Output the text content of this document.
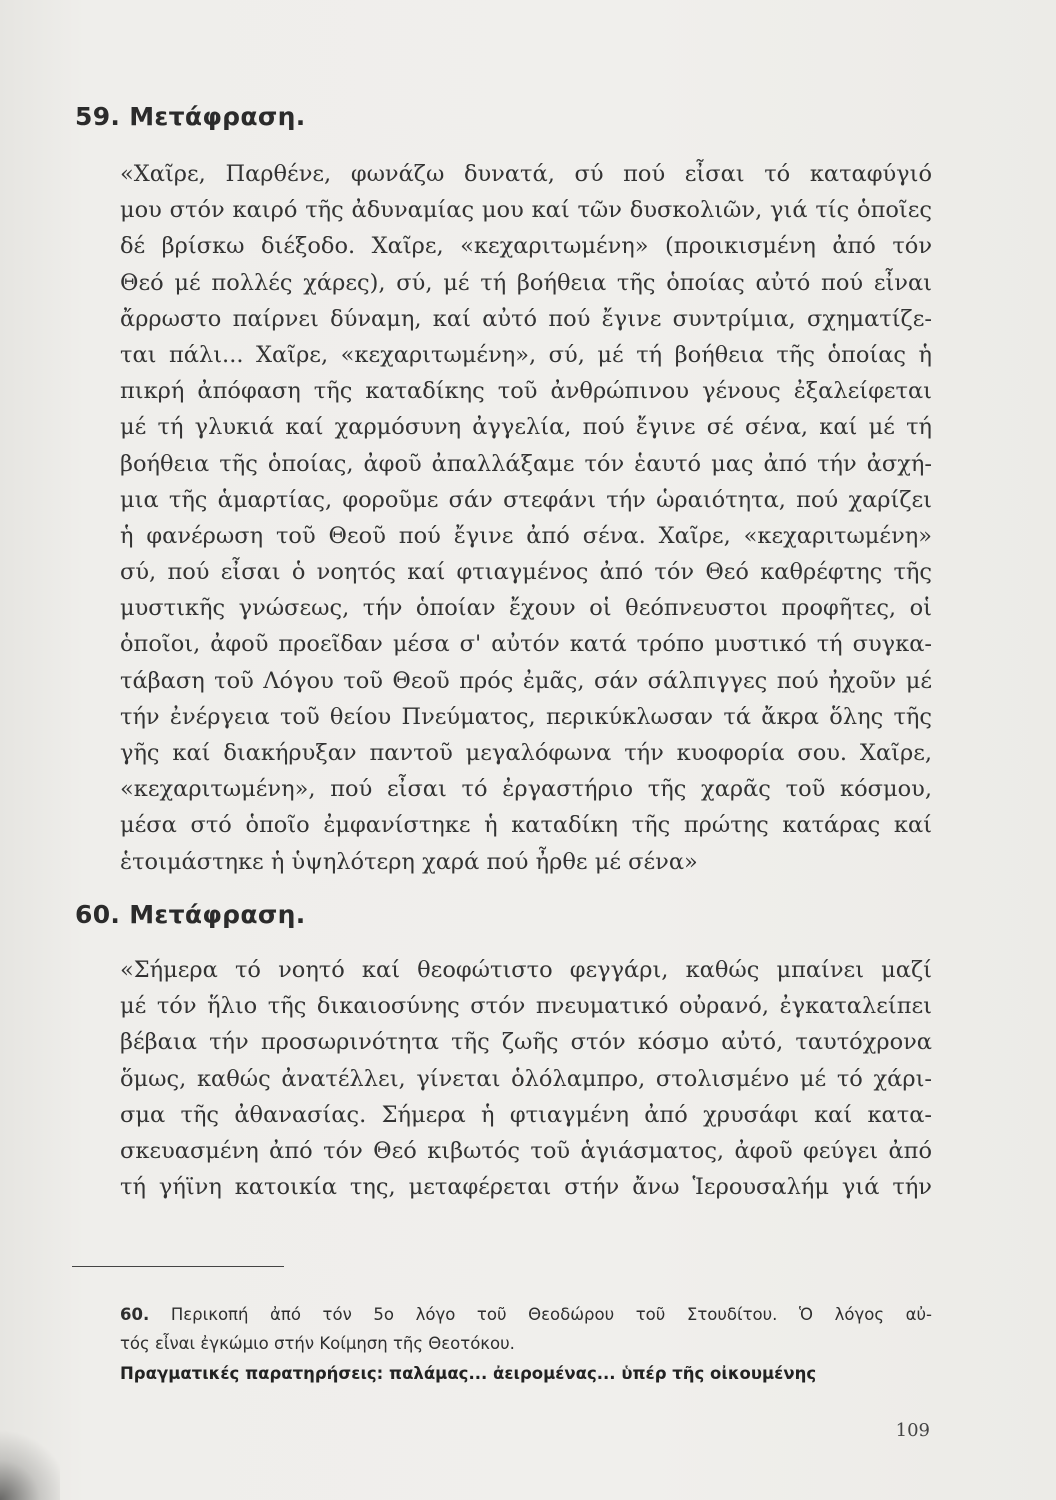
59. Μετάφραση.
«Χαῖρε, Παρθένε, φωνάζω δυνατά, σύ πού εἶσαι τό καταφύγιό
μου στόν καιρό τῆς ἀδυναμίας μου καί τῶν δυσκολιῶν, γιά τίς ὁποῖες
δέ βρίσκω διέξοδο. Χαῖρε, «κεχαριτωμένη» (προικισμένη ἀπό τόν
Θεό μέ πολλές χάρες), σύ, μέ τή βοήθεια τῆς ὁποίας αὐτό πού εἶναι
ἄρρωστο παίρνει δύναμη, καί αὐτό πού ἔγινε συντρίμια, σχηματίζε-
ται πάλι... Χαῖρε, «κεχαριτωμένη», σύ, μέ τή βοήθεια τῆς ὁποίας ἡ
πικρή ἀπόφαση τῆς καταδίκης τοῦ ἀνθρώπινου γένους ἐξαλείφεται
μέ τή γλυκιά καί χαρμόσυνη ἀγγελία, πού ἔγινε σέ σένα, καί μέ τή
βοήθεια τῆς ὁποίας, ἀφοῦ ἀπαλλάξαμε τόν ἑαυτό μας ἀπό τήν ἀσχή-
μια τῆς ἁμαρτίας, φοροῦμε σάν στεφάνι τήν ὡραιότητα, πού χαρίζει
ἡ φανέρωση τοῦ Θεοῦ πού ἔγινε ἀπό σένα. Χαῖρε, «κεχαριτωμένη»
σύ, πού εἶσαι ὁ νοητός καί φτιαγμένος ἀπό τόν Θεό καθρέφτης τῆς
μυστικῆς γνώσεως, τήν ὁποίαν ἔχουν οἱ θεόπνευστοι προφῆτες, οἱ
ὁποῖοι, ἀφοῦ προεῖδαν μέσα σ' αὐτόν κατά τρόπο μυστικό τή συγκα-
τάβαση τοῦ Λόγου τοῦ Θεοῦ πρός ἐμᾶς, σάν σάλπιγγες πού ἠχοῦν μέ
τήν ἐνέργεια τοῦ θείου Πνεύματος, περικύκλωσαν τά ἄκρα ὅλης τῆς
γῆς καί διακήρυξαν παντοῦ μεγαλόφωνα τήν κυοφορία σου. Χαῖρε,
«κεχαριτωμένη», πού εἶσαι τό ἐργαστήριο τῆς χαρᾶς τοῦ κόσμου,
μέσα στό ὁποῖο ἐμφανίστηκε ἡ καταδίκη τῆς πρώτης κατάρας καί
ἑτοιμάστηκε ἡ ὑψηλότερη χαρά πού ἦρθε μέ σένα»
60. Μετάφραση.
«Σήμερα τό νοητό καί θεοφώτιστο φεγγάρι, καθώς μπαίνει μαζί
μέ τόν ἥλιο τῆς δικαιοσύνης στόν πνευματικό οὐρανό, ἐγκαταλείπει
βέβαια τήν προσωρινότητα τῆς ζωῆς στόν κόσμο αὐτό, ταυτόχρονα
ὅμως, καθώς ἀνατέλλει, γίνεται ὁλόλαμπρο, στολισμένο μέ τό χάρι-
σμα τῆς ἀθανασίας. Σήμερα ἡ φτιαγμένη ἀπό χρυσάφι καί κατα-
σκευασμένη ἀπό τόν Θεό κιβωτός τοῦ ἁγιάσματος, ἀφοῦ φεύγει ἀπό
τή γήϊνη κατοικία της, μεταφέρεται στήν ἄνω Ἱερουσαλήμ γιά τήν
60. Περικοπή ἀπό τόν 5ο λόγο τοῦ Θεοδώρου τοῦ Στουδίτου. Ὁ λόγος αὐ-
τός εἶναι ἐγκώμιο στήν Κοίμηση τῆς Θεοτόκου.
Πραγματικές παρατηρήσεις: παλάμας... ἀειρομένας... ὑπέρ τῆς οἰκουμένης
109
